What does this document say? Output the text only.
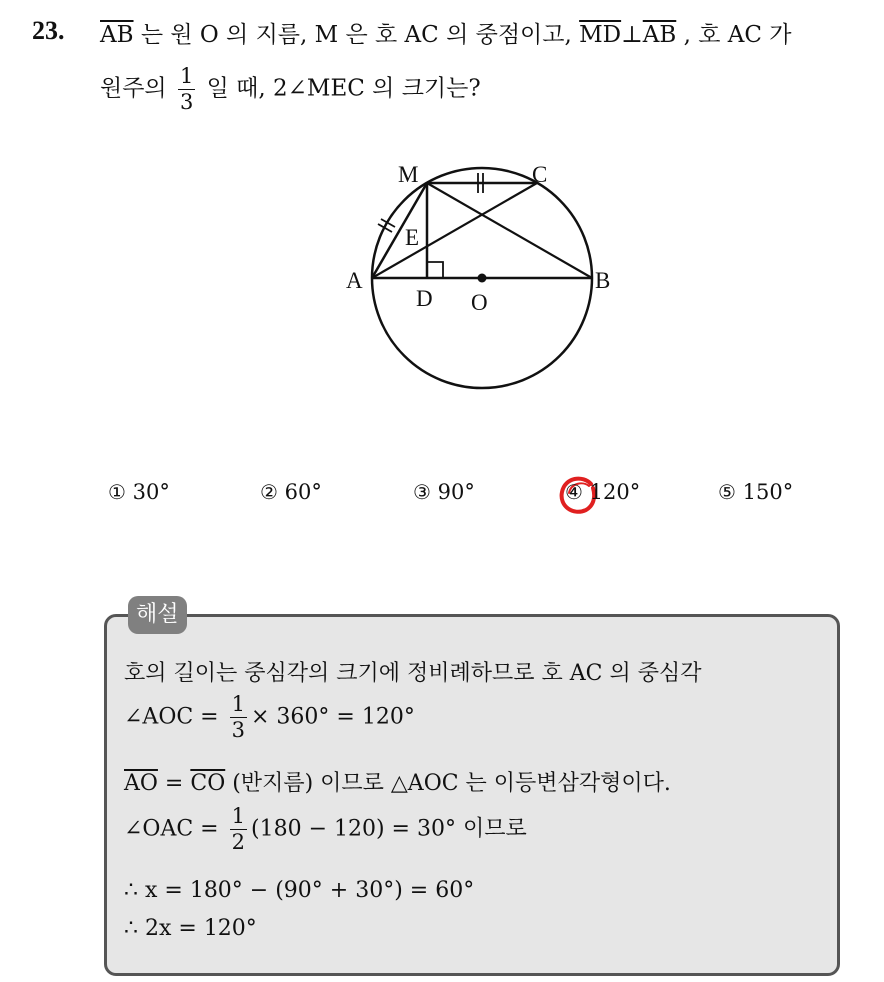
23. $\overline{AB}$ 는 원 O 의 지름, M 은 호 AC 의 중점이고, $\overline{MD}\perp\overline{AB}$ , 호 AC 가
원주의 $\frac{1}{3}$ 일 때, 2∠MEC 의 크기는?
M	C
E
A
D O
B
① 30°	② 60°	③ 90°	④ 120°	⑤ 150°
해설
호의 길이는 중심각의 크기에 정비례하므로 호 AC 의 중심각
∠AOC = $\frac{1}{3} \times 360^\circ = 120^\circ$
$\overline{AO} = \overline{CO}$ (반지름) 이므로 △AOC 는 이등변삼각형이다.
∠OAC = $\frac{1}{2} (180 - 120) = 30^\circ$ 이므로
∴ x = 180° − (90° + 30°) = 60°
∴ 2x = 120°
